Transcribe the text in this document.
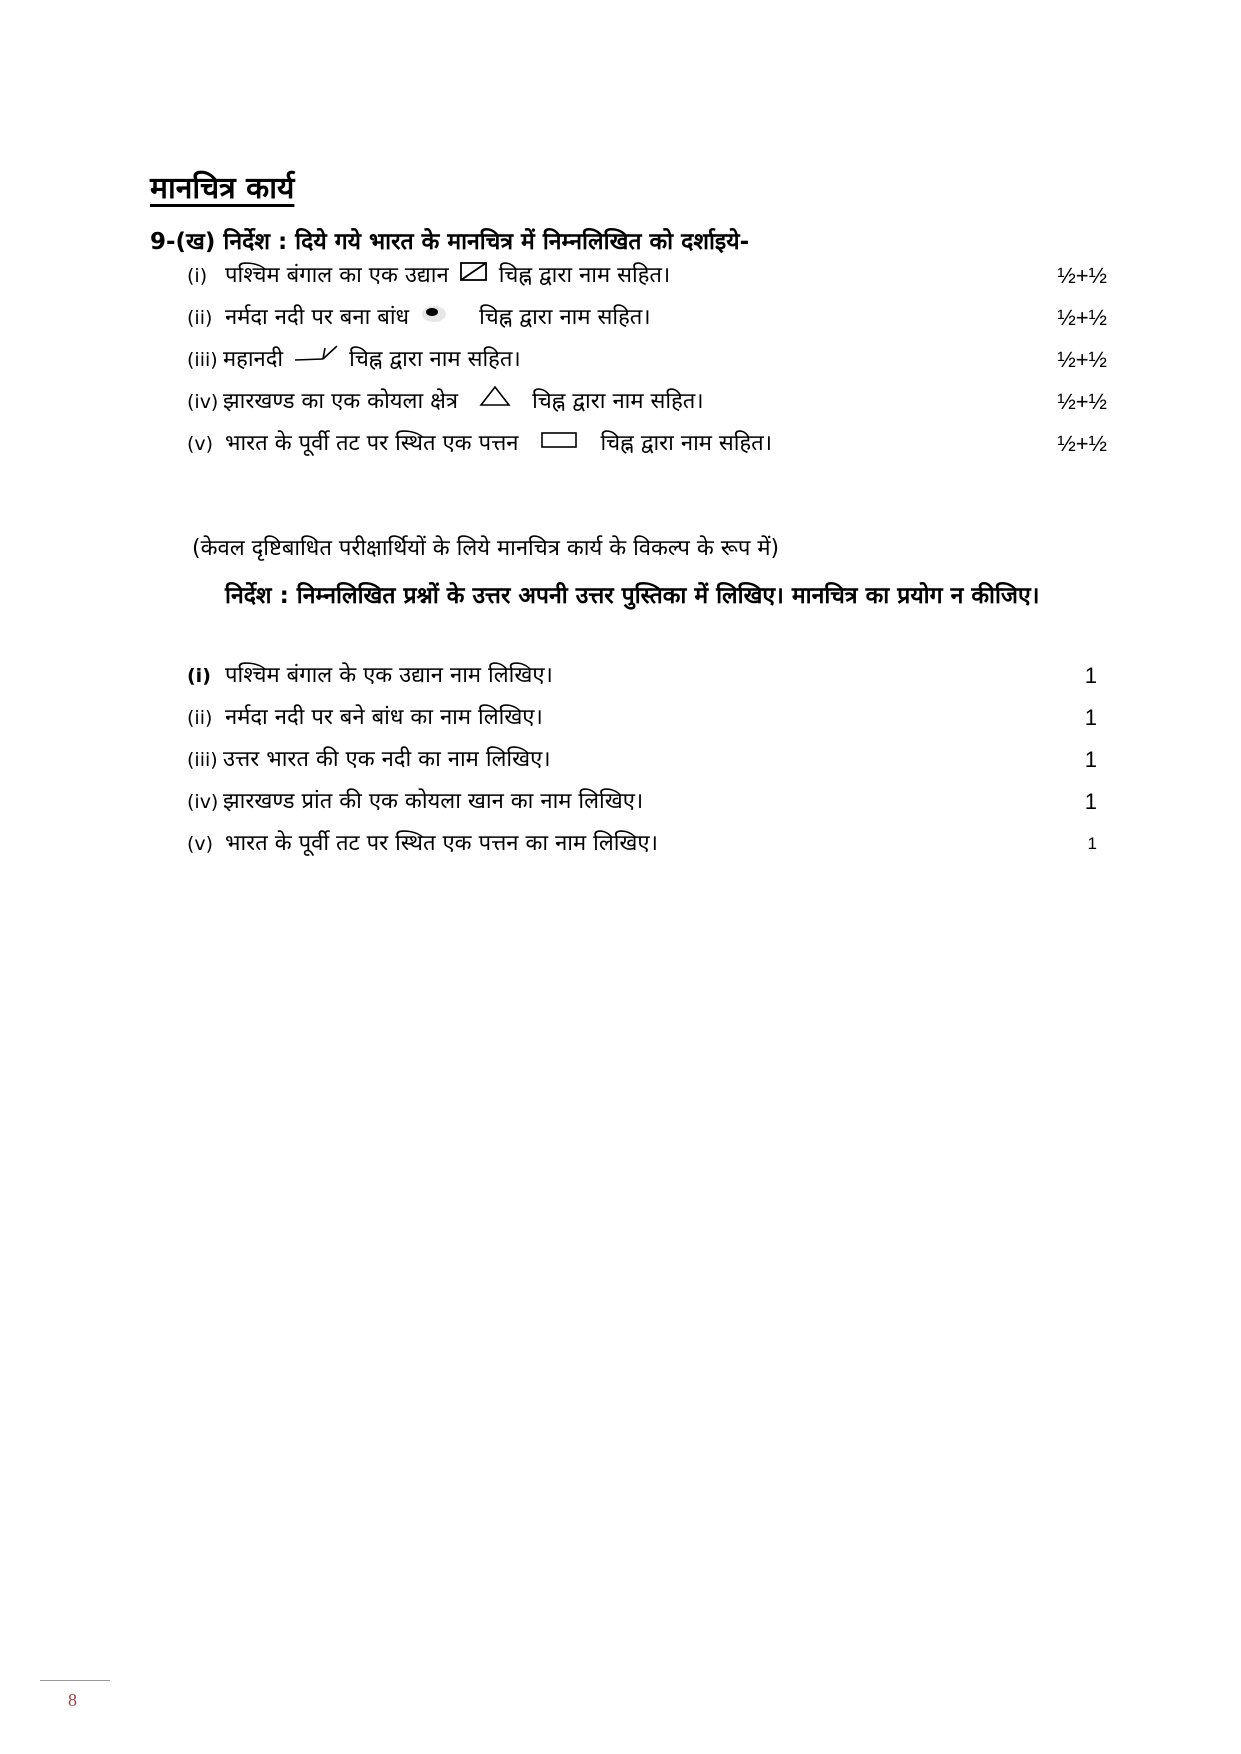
मानचित्र कार्य
9-(ख) निर्देश : दिये गये भारत के मानचित्र में निम्नलिखित को दर्शाइये-
(i) पश्चिम बंगाल का एक उद्यान चिह्न द्वारा नाम सहित।	½+½
(ii) नर्मदा नदी पर बना बांध	चिह्न द्वारा नाम सहित।	½+½
(iii) महानदी	चिह्न द्वारा नाम सहित।	½+½
(iv) झारखण्ड का एक कोयला क्षेत्र	चिह्न द्वारा नाम सहित।	½+½
(v) भारत के पूर्वी तट पर स्थित एक पत्तन	चिह्न द्वारा नाम सहित।	½+½
(केवल दृष्टिबाधित परीक्षार्थियों के लिये मानचित्र कार्य के विकल्प के रूप में)
निर्देश : निम्नलिखित प्रश्नों के उत्तर अपनी उत्तर पुस्तिका में लिखिए। मानचित्र का प्रयोग न कीजिए।
(i) पश्चिम बंगाल के एक उद्यान नाम लिखिए।	1
(ii) नर्मदा नदी पर बने बांध का नाम लिखिए।	1
(iii) उत्तर भारत की एक नदी का नाम लिखिए।	1
(iv) झारखण्ड प्रांत की एक कोयला खान का नाम लिखिए।	1
(v) भारत के पूर्वी तट पर स्थित एक पत्तन का नाम लिखिए।	1
8
